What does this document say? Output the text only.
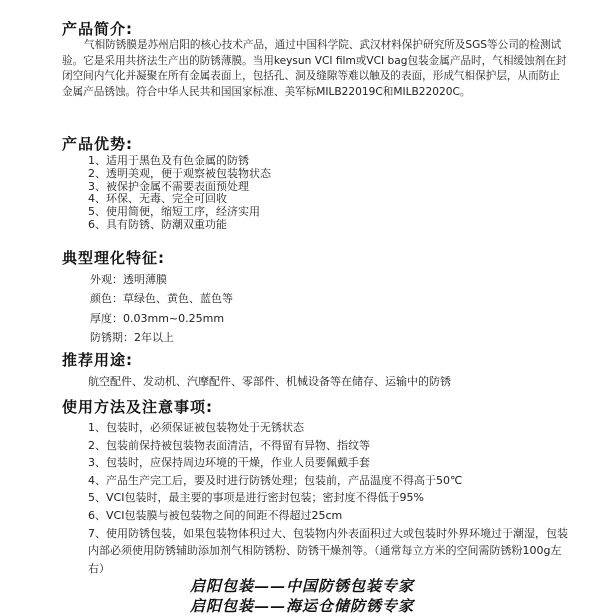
产品简介:

气相防锈膜是苏州启阳的核心技术产品，通过中国科学院、武汉材料保护研究所及SGS等公司的检测试验。它是采用共挤法生产出的防锈薄膜。当用keysun VCI film或VCI bag包装金属产品时，气相缓蚀剂在封闭空间内气化并凝聚在所有金属表面上，包括孔、洞及缝隙等难以触及的表面，形成气相保护层，从而防止金属产品锈蚀。符合中华人民共和国国家标准、美军标MILB22019C和MILB22020C。

产品优势:
1、适用于黑色及有色金属的防锈
2、透明美观，便于观察被包装物状态
3、被保护金属不需要表面预处理
4、环保、无毒、完全可回收
5、使用简便，缩短工序，经济实用
6、具有防锈、防潮双重功能
典型理化特征:
外观：透明薄膜
颜色：草绿色、黄色、蓝色等
厚度：0.03mm~0.25mm
防锈期：2年以上
推荐用途:

航空配件、发动机、汽摩配件、零部件、机械设备等在储存、运输中的防锈

使用方法及注意事项:
1、包装时，必须保证被包装物处于无锈状态
2、包装前保持被包装物表面清洁，不得留有异物、指纹等
3、包装时，应保持周边环境的干燥，作业人员要佩戴手套
4、产品生产完工后，要及时进行防锈处理；包装前，产品温度不得高于50℃
5、VCI包装时，最主要的事项是进行密封包装；密封度不得低于95%
6、VCI包装膜与被包装物之间的间距不得超过25cm
7、使用防锈包装，如果包装物体积过大、包装物内外表面积过大或包装时外界环境过于潮湿，包装内部必须使用防锈辅助添加剂气相防锈粉、防锈干燥剂等。（通常每立方米的空间需防锈粉100g左右）

启阳包装——中国防锈包装专家

启阳包装——海运仓储防锈专家
